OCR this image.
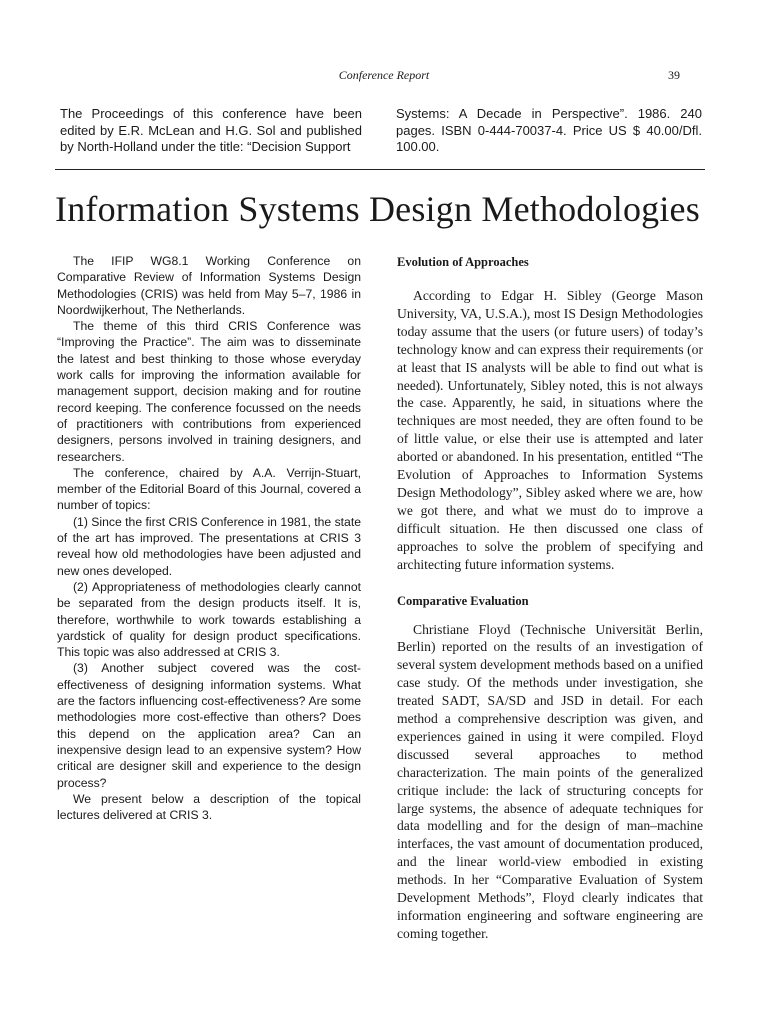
Conference Report	39
The Proceedings of this conference have been edited by E.R. McLean and H.G. Sol and published by North-Holland under the title: “Decision Support
Systems: A Decade in Perspective”. 1986. 240 pages. ISBN 0-444-70037-4. Price US $ 40.00/Dfl. 100.00.
Information Systems Design Methodologies

The IFIP WG8.1 Working Conference on Comparative Review of Information Systems Design Methodologies (CRIS) was held from May 5–7, 1986 in Noordwijkerhout, The Netherlands.

The theme of this third CRIS Conference was “Improving the Practice”. The aim was to disseminate the latest and best thinking to those whose everyday work calls for improving the information available for management support, decision making and for routine record keeping. The conference focussed on the needs of practitioners with contributions from experienced designers, persons involved in training designers, and researchers.

The conference, chaired by A.A. Verrijn-Stuart, member of the Editorial Board of this Journal, covered a number of topics:

(1) Since the first CRIS Conference in 1981, the state of the art has improved. The presentations at CRIS 3 reveal how old methodologies have been adjusted and new ones developed.

(2) Appropriateness of methodologies clearly cannot be separated from the design products itself. It is, therefore, worthwhile to work towards establishing a yardstick of quality for design product specifications. This topic was also addressed at CRIS 3.

(3) Another subject covered was the cost-effectiveness of designing information systems. What are the factors influencing cost-effectiveness? Are some methodologies more cost-effective than others? Does this depend on the application area? Can an inexpensive design lead to an expensive system? How critical are designer skill and experience to the design process?

We present below a description of the topical lectures delivered at CRIS 3.

Evolution of Approaches

According to Edgar H. Sibley (George Mason University, VA, U.S.A.), most IS Design Methodologies today assume that the users (or future users) of today’s technology know and can express their requirements (or at least that IS analysts will be able to find out what is needed). Unfortunately, Sibley noted, this is not always the case. Apparently, he said, in situations where the techniques are most needed, they are often found to be of little value, or else their use is attempted and later aborted or abandoned. In his presentation, entitled “The Evolution of Approaches to Information Systems Design Methodology”, Sibley asked where we are, how we got there, and what we must do to improve a difficult situation. He then discussed one class of approaches to solve the problem of specifying and architecting future information systems.

Comparative Evaluation

Christiane Floyd (Technische Universität Berlin, Berlin) reported on the results of an investigation of several system development methods based on a unified case study. Of the methods under investigation, she treated SADT, SA/SD and JSD in detail. For each method a comprehensive description was given, and experiences gained in using it were compiled. Floyd discussed several approaches to method characterization. The main points of the generalized critique include: the lack of structuring concepts for large systems, the absence of adequate techniques for data modelling and for the design of man–machine interfaces, the vast amount of documentation produced, and the linear world-view embodied in existing methods. In her “Comparative Evaluation of System Development Methods”, Floyd clearly indicates that information engineering and software engineering are coming together.
